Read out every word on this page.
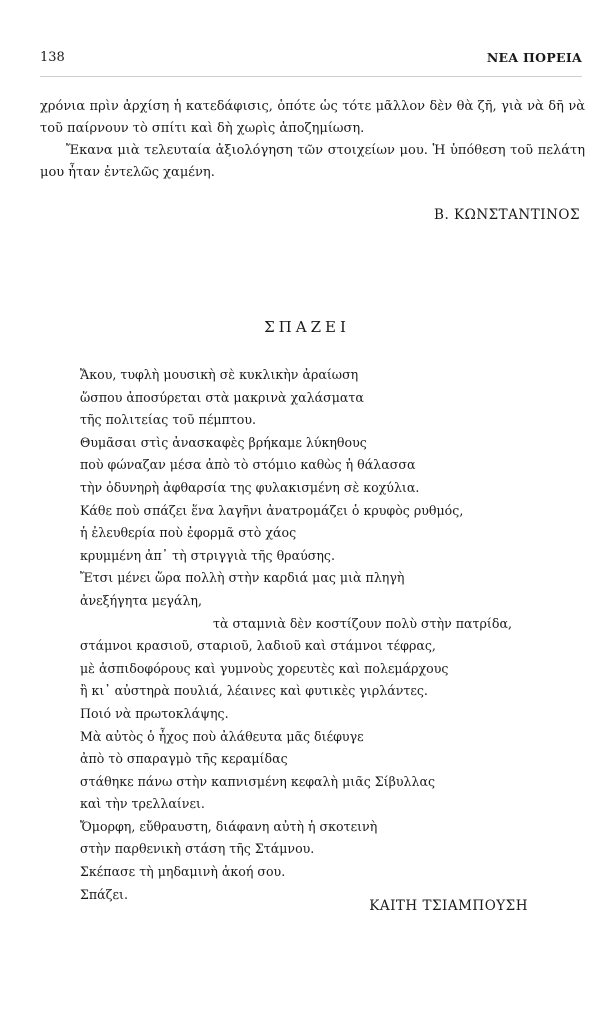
138	ΝΕΑ ΠΟΡΕΙΑ

χρόνια πρὶν ἀρχίση ἡ κατεδάφισις, ὁπότε ὡς τότε μᾶλλον δὲν θὰ ζῆ, γιὰ νὰ δῆ νὰ τοῦ παίρνουν τὸ σπίτι καὶ δὴ χωρὶς ἀποζημίωση.

Ἔκανα μιὰ τελευταία ἀξιολόγηση τῶν στοιχείων μου. Ἡ ὑπόθεση τοῦ πελάτη μου ἦταν ἐντελῶς χαμένη.

Β. ΚΩΝΣΤΑΝΤΙΝΟΣ
ΣΠΑΖΕΙ
Ἄκου, τυφλὴ μουσικὴ σὲ κυκλικὴν ἀραίωση
ὥσπου ἀποσύρεται στὰ μακρινὰ χαλάσματα
τῆς πολιτείας τοῦ πέμπτου.
Θυμᾶσαι στὶς ἀνασκαφὲς βρήκαμε λύκηθους
ποὺ φώναζαν μέσα ἀπὸ τὸ στόμιο καθὼς ἡ θάλασσα
τὴν ὀδυνηρὴ ἀφθαρσία της φυλακισμένη σὲ κοχύλια.
Κάθε ποὺ σπάζει ἕνα λαγῆνι ἀνατρομάζει ὁ κρυφὸς ρυθμός,
ἡ ἐλευθερία ποὺ ἐφορμᾶ στὸ χάος
κρυμμένη ἀπ᾿ τὴ στριγγιὰ τῆς θραύσης.
Ἔτσι μένει ὥρα πολλὴ στὴν καρδιά μας μιὰ πληγὴ
ἀνεξήγητα μεγάλη,
τὰ σταμνιὰ δὲν κοστίζουν πολὺ στὴν πατρίδα,
στάμνοι κρασιοῦ, σταριοῦ, λαδιοῦ καὶ στάμνοι τέφρας,
μὲ ἀσπιδοφόρους καὶ γυμνοὺς χορευτὲς καὶ πολεμάρχους
ἢ κι᾿ αὐστηρὰ πουλιά, λέαινες καὶ φυτικὲς γιρλάντες.
Ποιό νὰ πρωτοκλάψης.
Μὰ αὐτὸς ὁ ἦχος ποὺ ἀλάθευτα μᾶς διέφυγε
ἀπὸ τὸ σπαραγμὸ τῆς κεραμίδας
στάθηκε πάνω στὴν καπνισμένη κεφαλὴ μιᾶς Σίβυλλας
καὶ τὴν τρελλαίνει.
Ὄμορφη, εὔθραυστη, διάφανη αὐτὴ ἡ σκοτεινὴ
στὴν παρθενικὴ στάση τῆς Στάμνου.
Σκέπασε τὴ μηδαμινὴ ἀκοή σου.
Σπάζει.
ΚΑΙΤΗ ΤΣΙΑΜΠΟΥΣΗ
